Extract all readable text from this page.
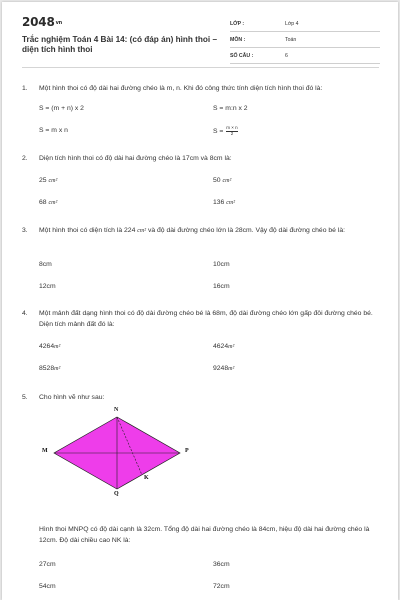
2048vn
Trắc nghiệm Toán 4 Bài 14: (có đáp án) hình thoi – diện tích hình thoi
LỚP :	Lớp 4
MÔN :	Toán
SỐ CÂU :	6
1. Một hình thoi có độ dài hai đường chéo là m, n. Khi đó công thức tính diện tích hình thoi đó là:
S = (m + n) x 2	S = m:n x 2
S = m x n	$S = \frac{m \times n}{2}$
2. Diện tích hình thoi có độ dài hai đường chéo là 17cm và 8cm là:
25 cm²	50 cm²
68 cm²	136 cm²
3. Một hình thoi có diện tích là 224 cm² và độ dài đường chéo lớn là 28cm. Vậy độ dài đường chéo bé là:
8cm	10cm
12cm	16cm
4. Một mảnh đất dạng hình thoi có độ dài đường chéo bé là 68m, độ dài đường chéo lớn gấp đôi đường chéo bé. Diện tích mảnh đất đó là:
4264m²	4624m²
8528m²	9248m²
5. Cho hình vẽ như sau:
N
M	P
Q
K
Hình thoi MNPQ có độ dài cạnh là 32cm. Tổng độ dài hai đường chéo là 84cm, hiệu độ dài hai đường chéo là 12cm. Độ dài chiều cao NK là:
27cm	36cm
54cm	72cm
